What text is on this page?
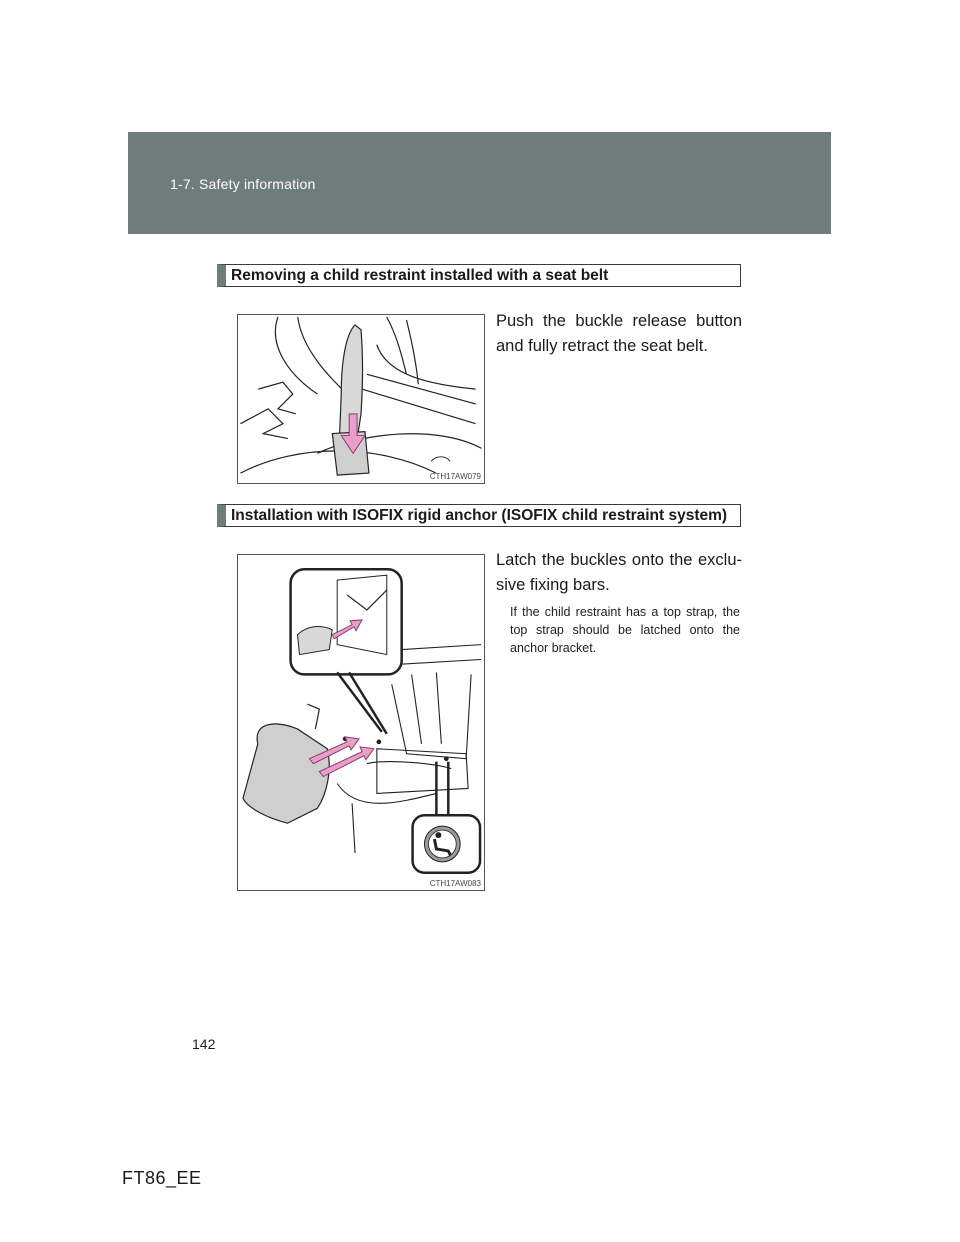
1-7. Safety information
Removing a child restraint installed with a seat belt
CTH17AW079
Push the buckle release button and fully retract the seat belt.
Installation with ISOFIX rigid anchor (ISOFIX child restraint system)
CTH17AW083
Latch the buckles onto the exclu-sive fixing bars.
If the child restraint has a top strap, the top strap should be latched onto the anchor bracket.
142
FT86_EE
